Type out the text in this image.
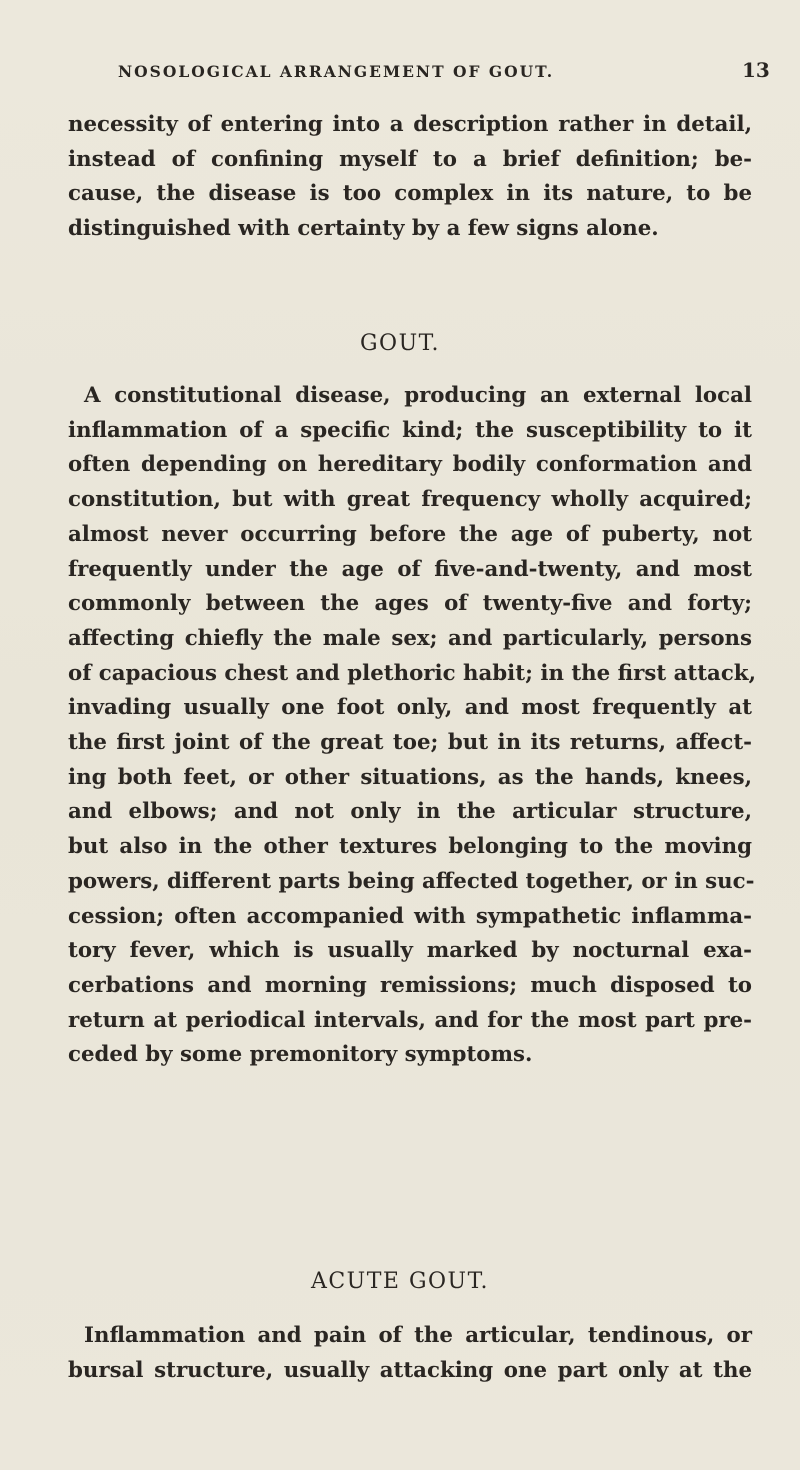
NOSOLOGICAL ARRANGEMENT OF GOUT.	13
necessity of entering into a description rather in detail,
instead of confining myself to a brief definition; be-
cause, the disease is too complex in its nature, to be
distinguished with certainty by a few signs alone.
GOUT.
A constitutional disease, producing an external local
inflammation of a specific kind; the susceptibility to it
often depending on hereditary bodily conformation and
constitution, but with great frequency wholly acquired;
almost never occurring before the age of puberty, not
frequently under the age of five-and-twenty, and most
commonly between the ages of twenty-five and forty;
affecting chiefly the male sex; and particularly, persons
of capacious chest and plethoric habit; in the first attack,
invading usually one foot only, and most frequently at
the first joint of the great toe; but in its returns, affect-
ing both feet, or other situations, as the hands, knees,
and elbows; and not only in the articular structure,
but also in the other textures belonging to the moving
powers, different parts being affected together, or in suc-
cession; often accompanied with sympathetic inflamma-
tory fever, which is usually marked by nocturnal exa-
cerbations and morning remissions; much disposed to
return at periodical intervals, and for the most part pre-
ceded by some premonitory symptoms.
ACUTE GOUT.
Inflammation and pain of the articular, tendinous, or
bursal structure, usually attacking one part only at the
